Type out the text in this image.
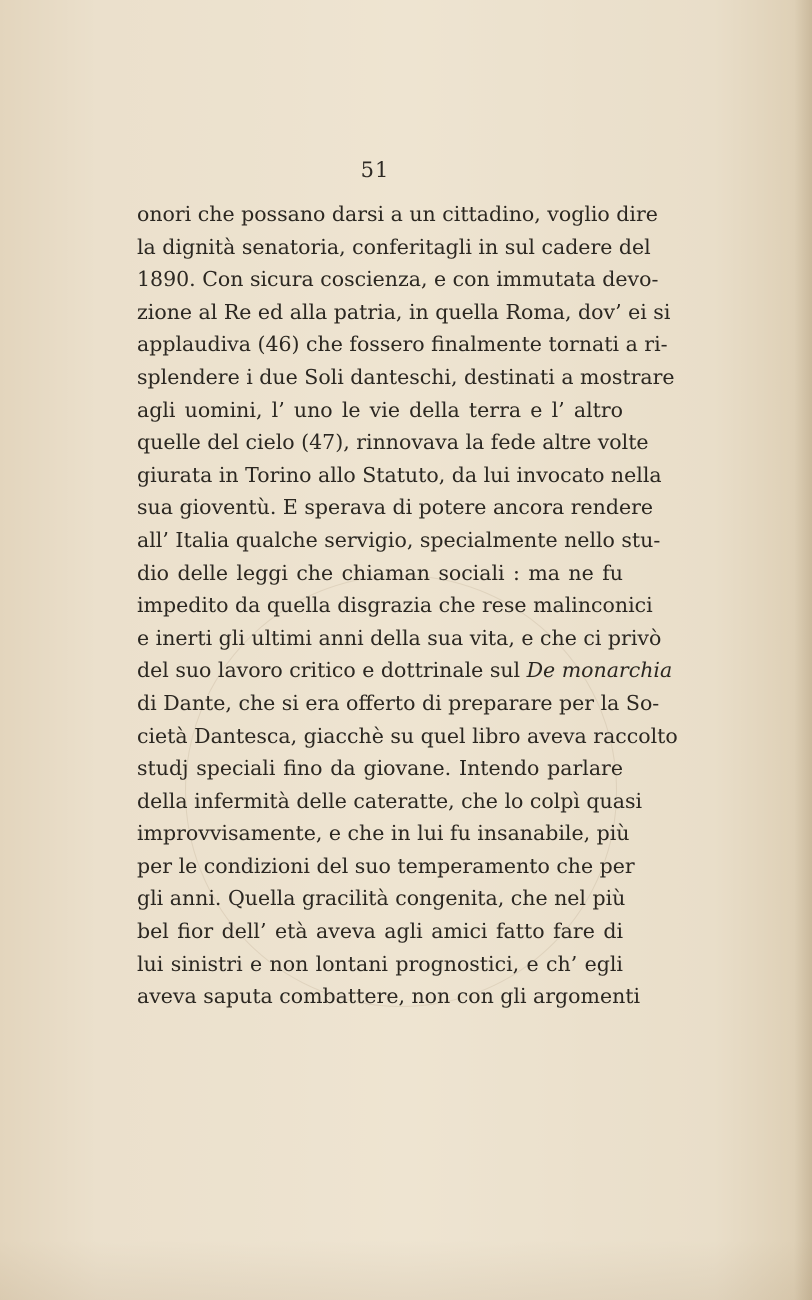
51
onori che possano darsi a un cittadino, voglio dire
la dignità senatoria, conferitagli in sul cadere del
1890. Con sicura coscienza, e con immutata devo-
zione al Re ed alla patria, in quella Roma, dov’ ei si
applaudiva (46) che fossero finalmente tornati a ri-
splendere i due Soli danteschi, destinati a mostrare
agli uomini, l’ uno le vie della terra e l’ altro
quelle del cielo (47), rinnovava la fede altre volte
giurata in Torino allo Statuto, da lui invocato nella
sua gioventù. E sperava di potere ancora rendere
all’ Italia qualche servigio, specialmente nello stu-
dio delle leggi che chiaman sociali : ma ne fu
impedito da quella disgrazia che rese malinconici
e inerti gli ultimi anni della sua vita, e che ci privò
del suo lavoro critico e dottrinale sul De monarchia
di Dante, che si era offerto di preparare per la So-
cietà Dantesca, giacchè su quel libro aveva raccolto
studj speciali fino da giovane. Intendo parlare
della infermità delle cateratte, che lo colpì quasi
improvvisamente, e che in lui fu insanabile, più
per le condizioni del suo temperamento che per
gli anni. Quella gracilità congenita, che nel più
bel fior dell’ età aveva agli amici fatto fare di
lui sinistri e non lontani prognostici, e ch’ egli
aveva saputa combattere, non con gli argomenti
